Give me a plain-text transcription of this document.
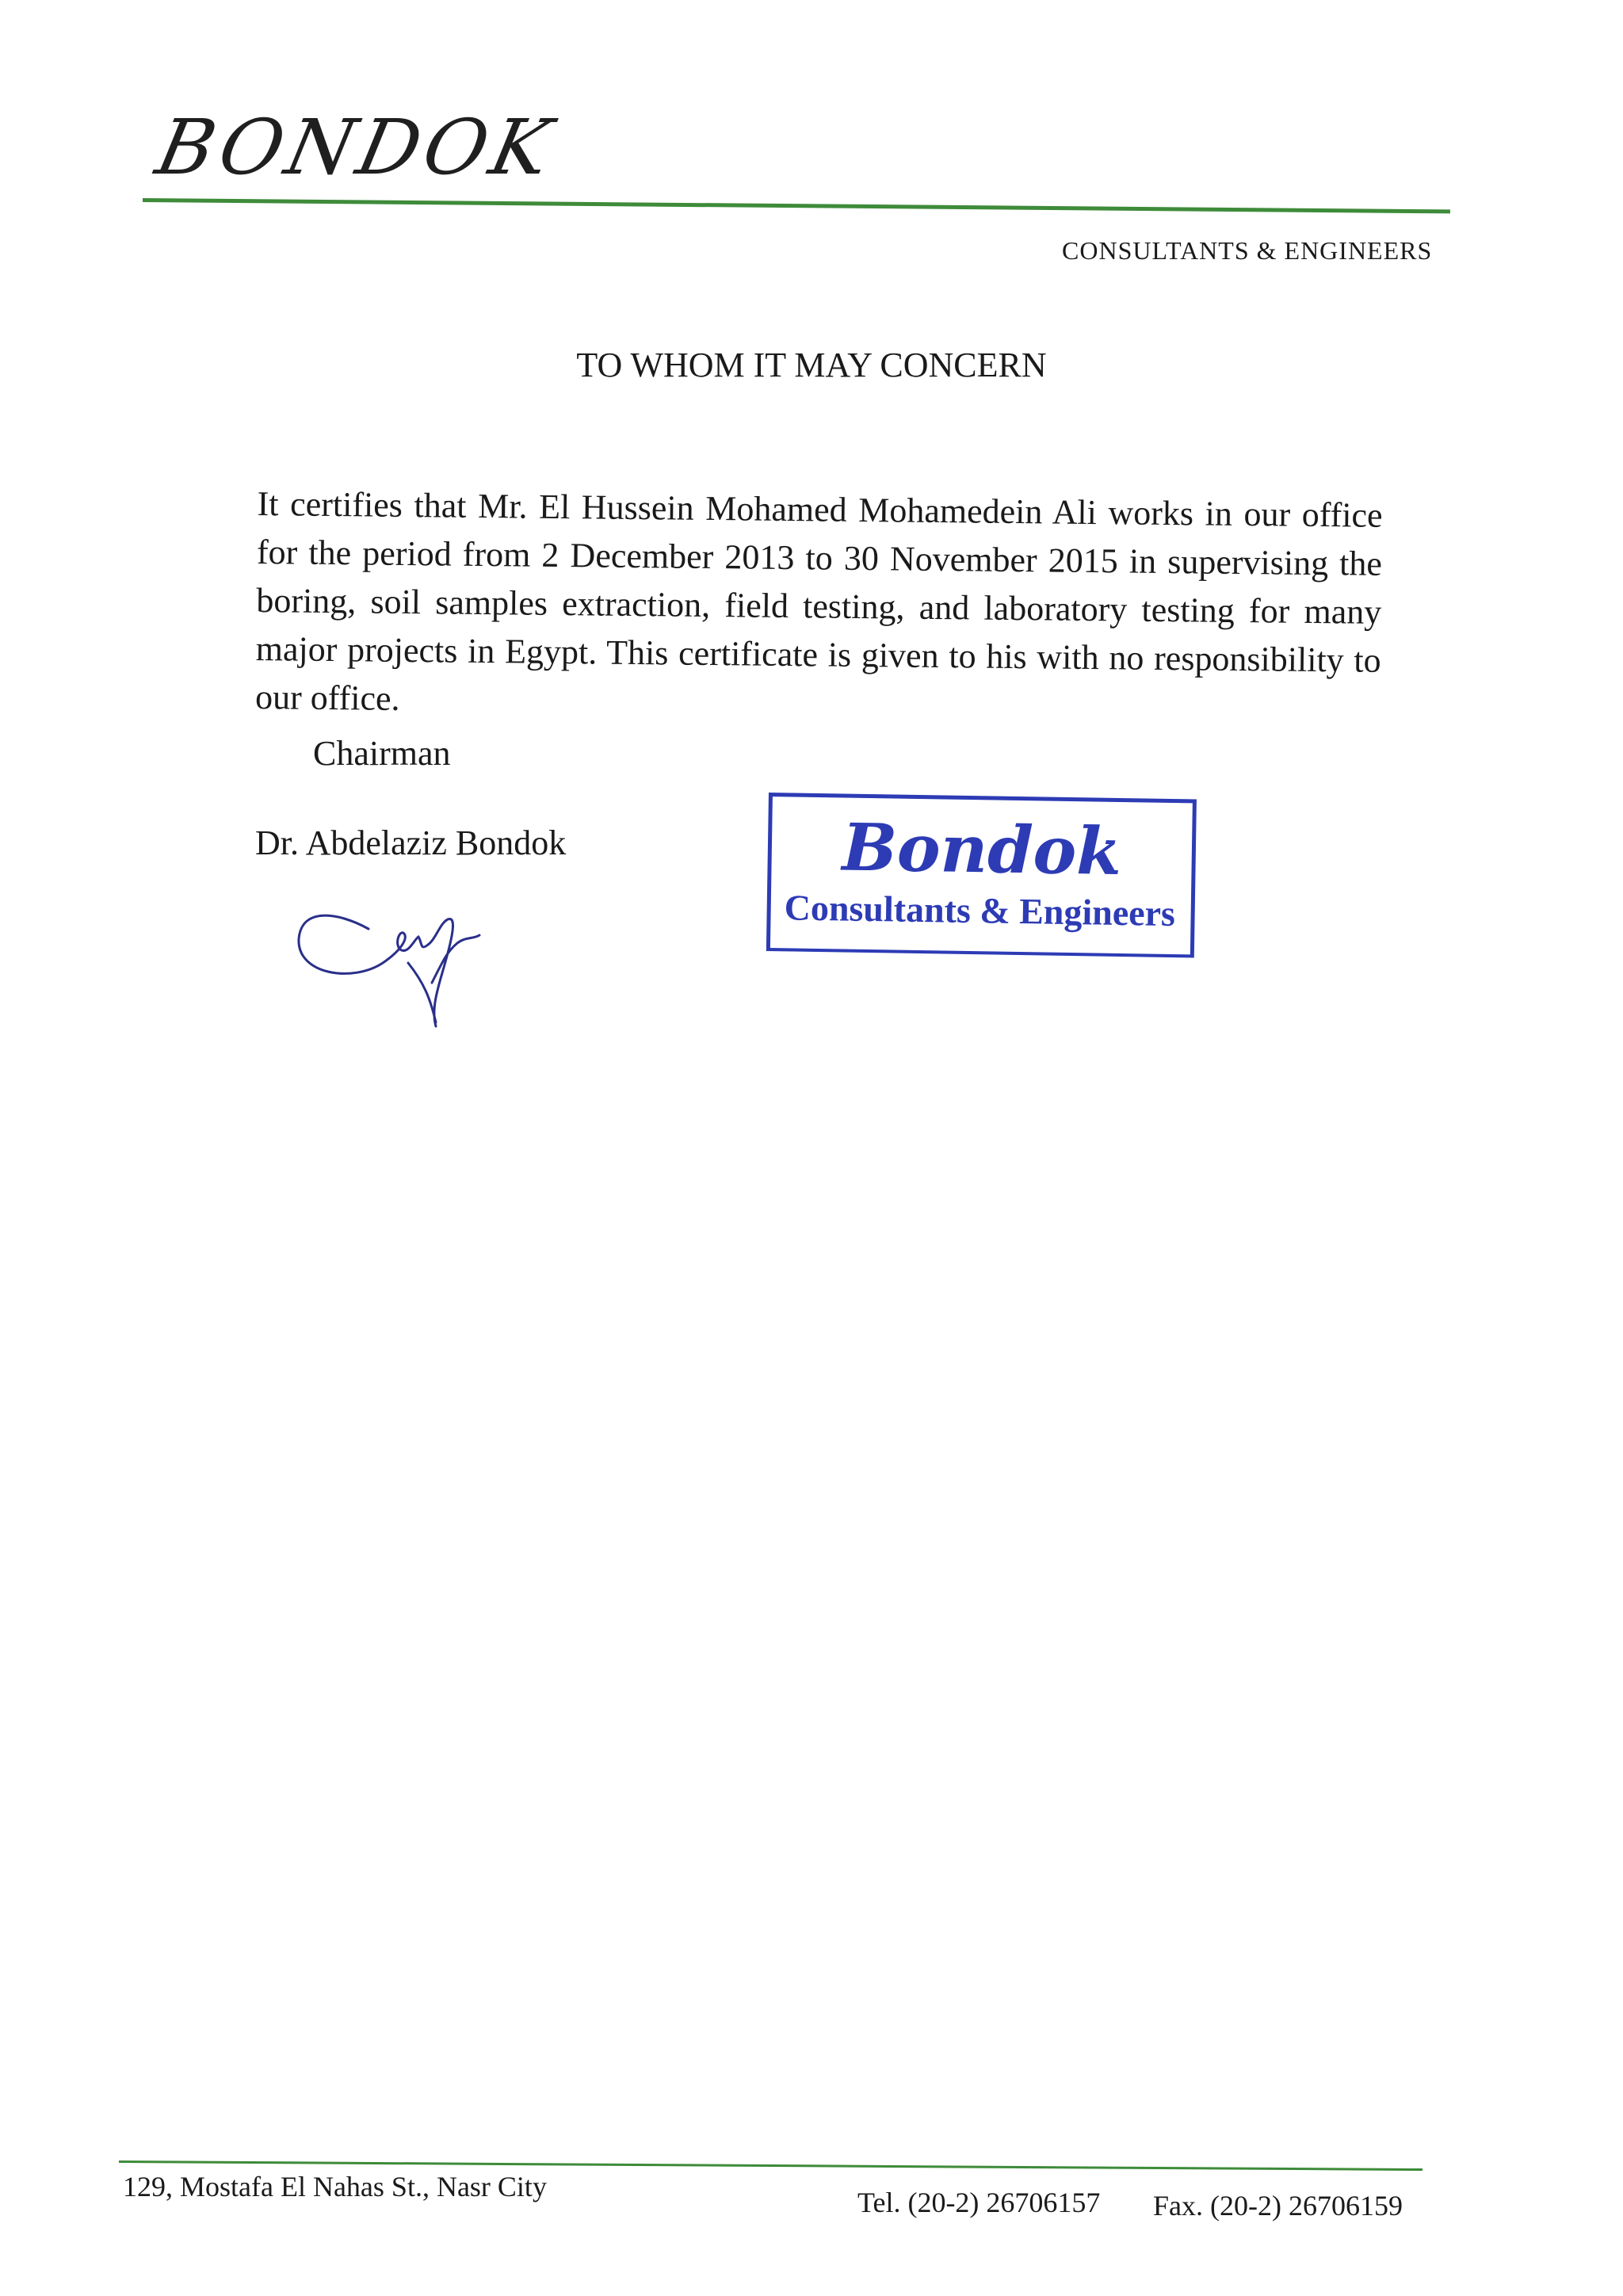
BONDOK
CONSULTANTS & ENGINEERS
TO WHOM IT MAY CONCERN
It certifies that Mr. El Hussein Mohamed Mohamedein Ali works in our office for the period from 2 December 2013 to 30 November 2015 in supervising the boring, soil samples extraction, field testing, and laboratory testing for many major projects in Egypt. This certificate is given to his with no responsibility to our office.
Chairman
Dr. Abdelaziz Bondok	Bondok
Consultants & Engineers
129, Mostafa El Nahas St., Nasr City	Tel. (20-2) 26706157 Fax. (20-2) 26706159
